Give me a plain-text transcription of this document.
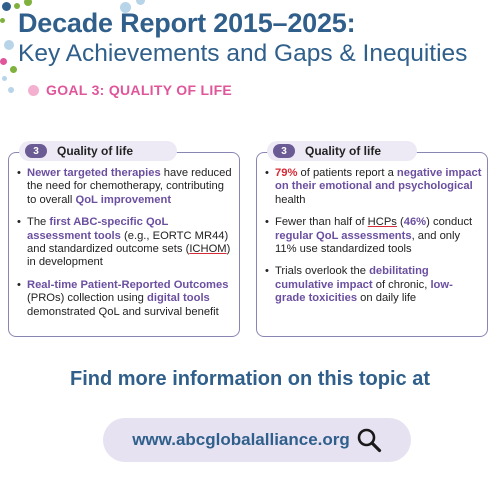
Decade Report 2015–2025:
Key Achievements and Gaps & Inequities
GOAL 3: QUALITY OF LIFE
3	Quality of life
• Newer targeted therapies have reduced the need for chemotherapy, contributing to overall QoL improvement
• The first ABC-specific QoL assessment tools (e.g., EORTC MR44) and standardized outcome sets (ICHOM) in development
• Real-time Patient-Reported Outcomes (PROs) collection using digital tools demonstrated QoL and survival benefit
3	Quality of life
• 79% of patients report a negative impact on their emotional and psychological health
• Fewer than half of HCPs (46%) conduct regular QoL assessments, and only 11% use standardized tools
• Trials overlook the debilitating cumulative impact of chronic, low-grade toxicities on daily life

Find more information on this topic at

www.abcglobalalliance.org
